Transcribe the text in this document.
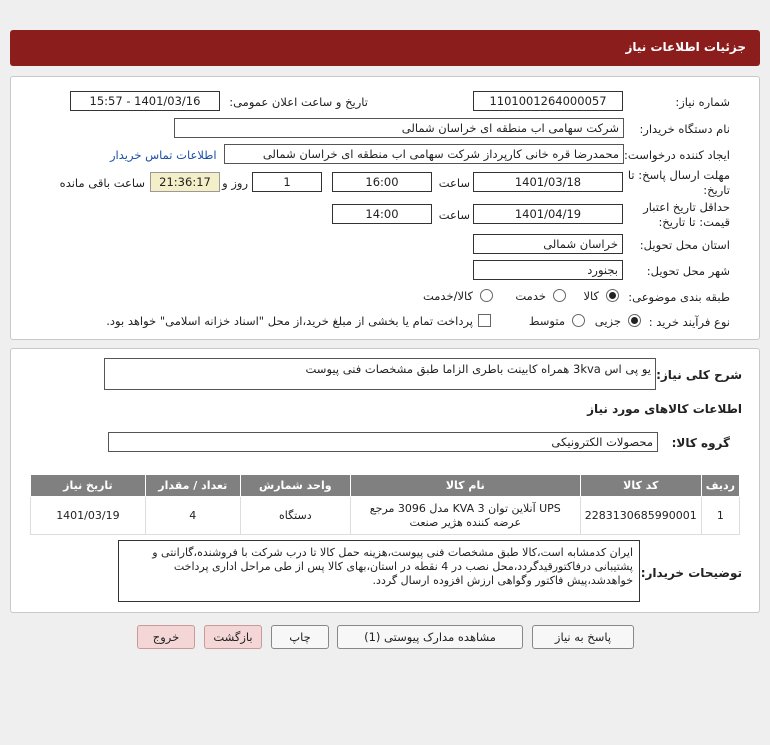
جزئیات اطلاعات نیاز
شماره نیاز:
1101001264000057
تاریخ و ساعت اعلان عمومی:
1401/03/16 - 15:57
نام دستگاه خریدار:
شرکت سهامی اب منطقه ای خراسان شمالی
ایجاد کننده درخواست:
محمدرضا قره خانی کارپرداز شرکت سهامی اب منطقه ای خراسان شمالی
اطلاعات تماس خریدار
مهلت ارسال پاسخ: تا
تاریخ:
1401/03/18
ساعت
16:00
1
روز و
21:36:17
ساعت باقی مانده
حداقل تاریخ اعتبار
قیمت: تا تاریخ:
1401/04/19
ساعت
14:00
استان محل تحویل:
خراسان شمالی
شهر محل تحویل:
بجنورد
طبقه بندی موضوعی:
کالا
خدمت
کالا/خدمت
نوع فرآیند خرید :
جزیی
متوسط
پرداخت تمام یا بخشی از مبلغ خرید،از محل "اسناد خزانه اسلامی" خواهد بود.
شرح کلی نیاز:
یو پی اس 3kva همراه کابینت باطری الزاما طبق مشخصات فنی پیوست
اطلاعات کالاهای مورد نیاز
گروه کالا:
محصولات الکترونیکی
ردیف	کد کالا	نام کالا	واحد شمارش	تعداد / مقدار	تاریخ نیاز
1	2283130685990001	UPS آنلاین توان KVA 3 مدل 3096 مرجع عرضه کننده هژیر صنعت	دستگاه	4	1401/03/19
توضیحات خریدار:
ایران کدمشابه است،کالا طبق مشخصات فنی پیوست،هزینه حمل کالا تا درب شرکت با فروشنده،گارانتی و پشتیبانی درفاکتورقیدگردد،محل نصب در 4 نقطه در استان،بهای کالا پس از طی مراحل اداری پرداخت خواهدشد،پیش فاکتور وگواهی ارزش افزوده ارسال گردد.
پاسخ به نیاز
مشاهده مدارک پیوستی (1)
چاپ
بازگشت
خروج
